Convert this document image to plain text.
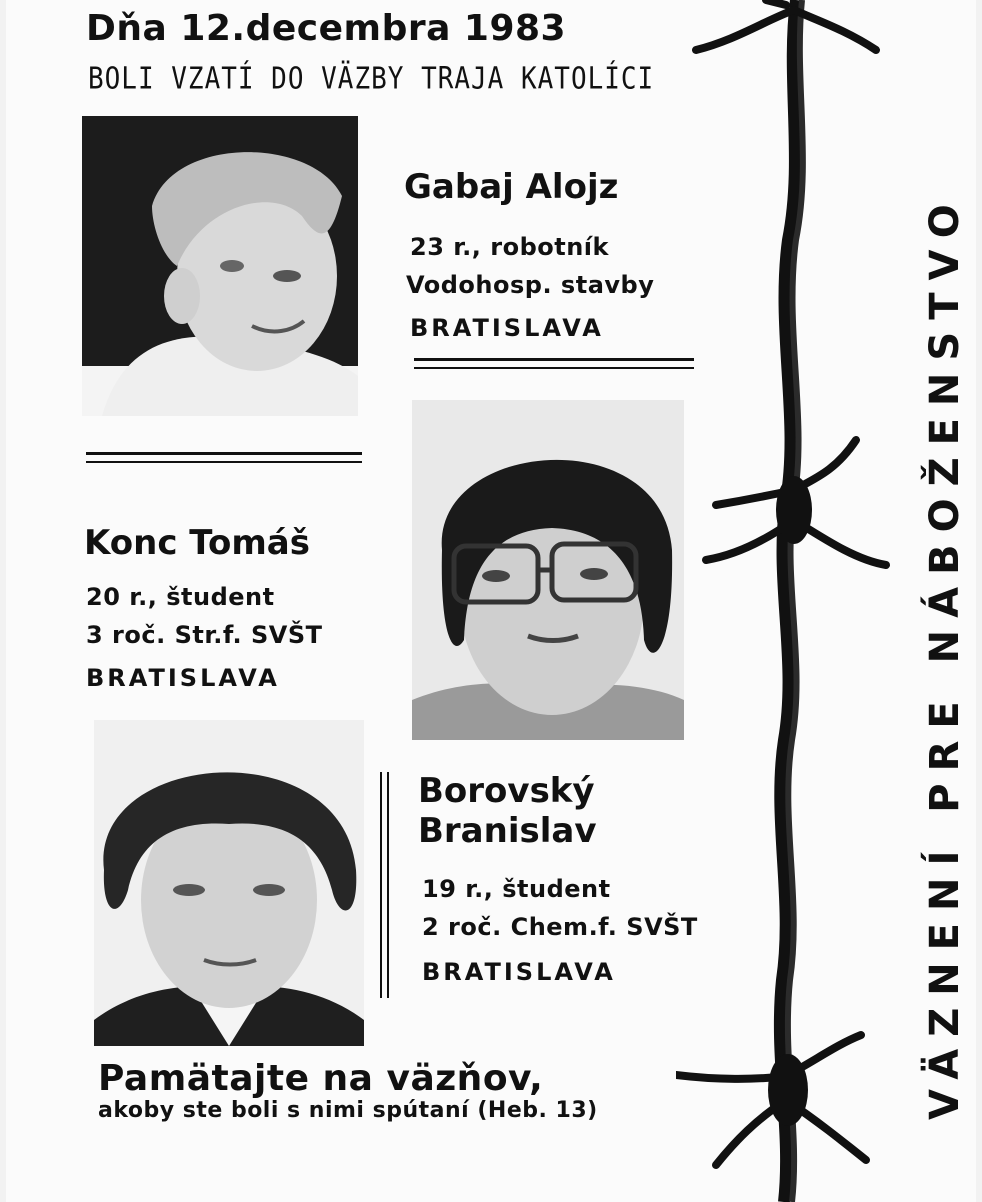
Dňa 12.decembra 1983
BOLI VZATÍ DO VÄZBY TRAJA KATOLÍCI
Gabaj Alojz
23 r., robotník
Vodohosp. stavby
BRATISLAVA
Konc Tomáš
20 r., študent
3 roč. Str.f. SVŠT
BRATISLAVA
Borovský
Branislav
19 r., študent
2 roč. Chem.f. SVŠT
BRATISLAVA	VÄZNENÍ PRE NÁBOŽENSTVO
Pamätajte na väzňov,
akoby ste boli s nimi spútaní (Heb. 13)
